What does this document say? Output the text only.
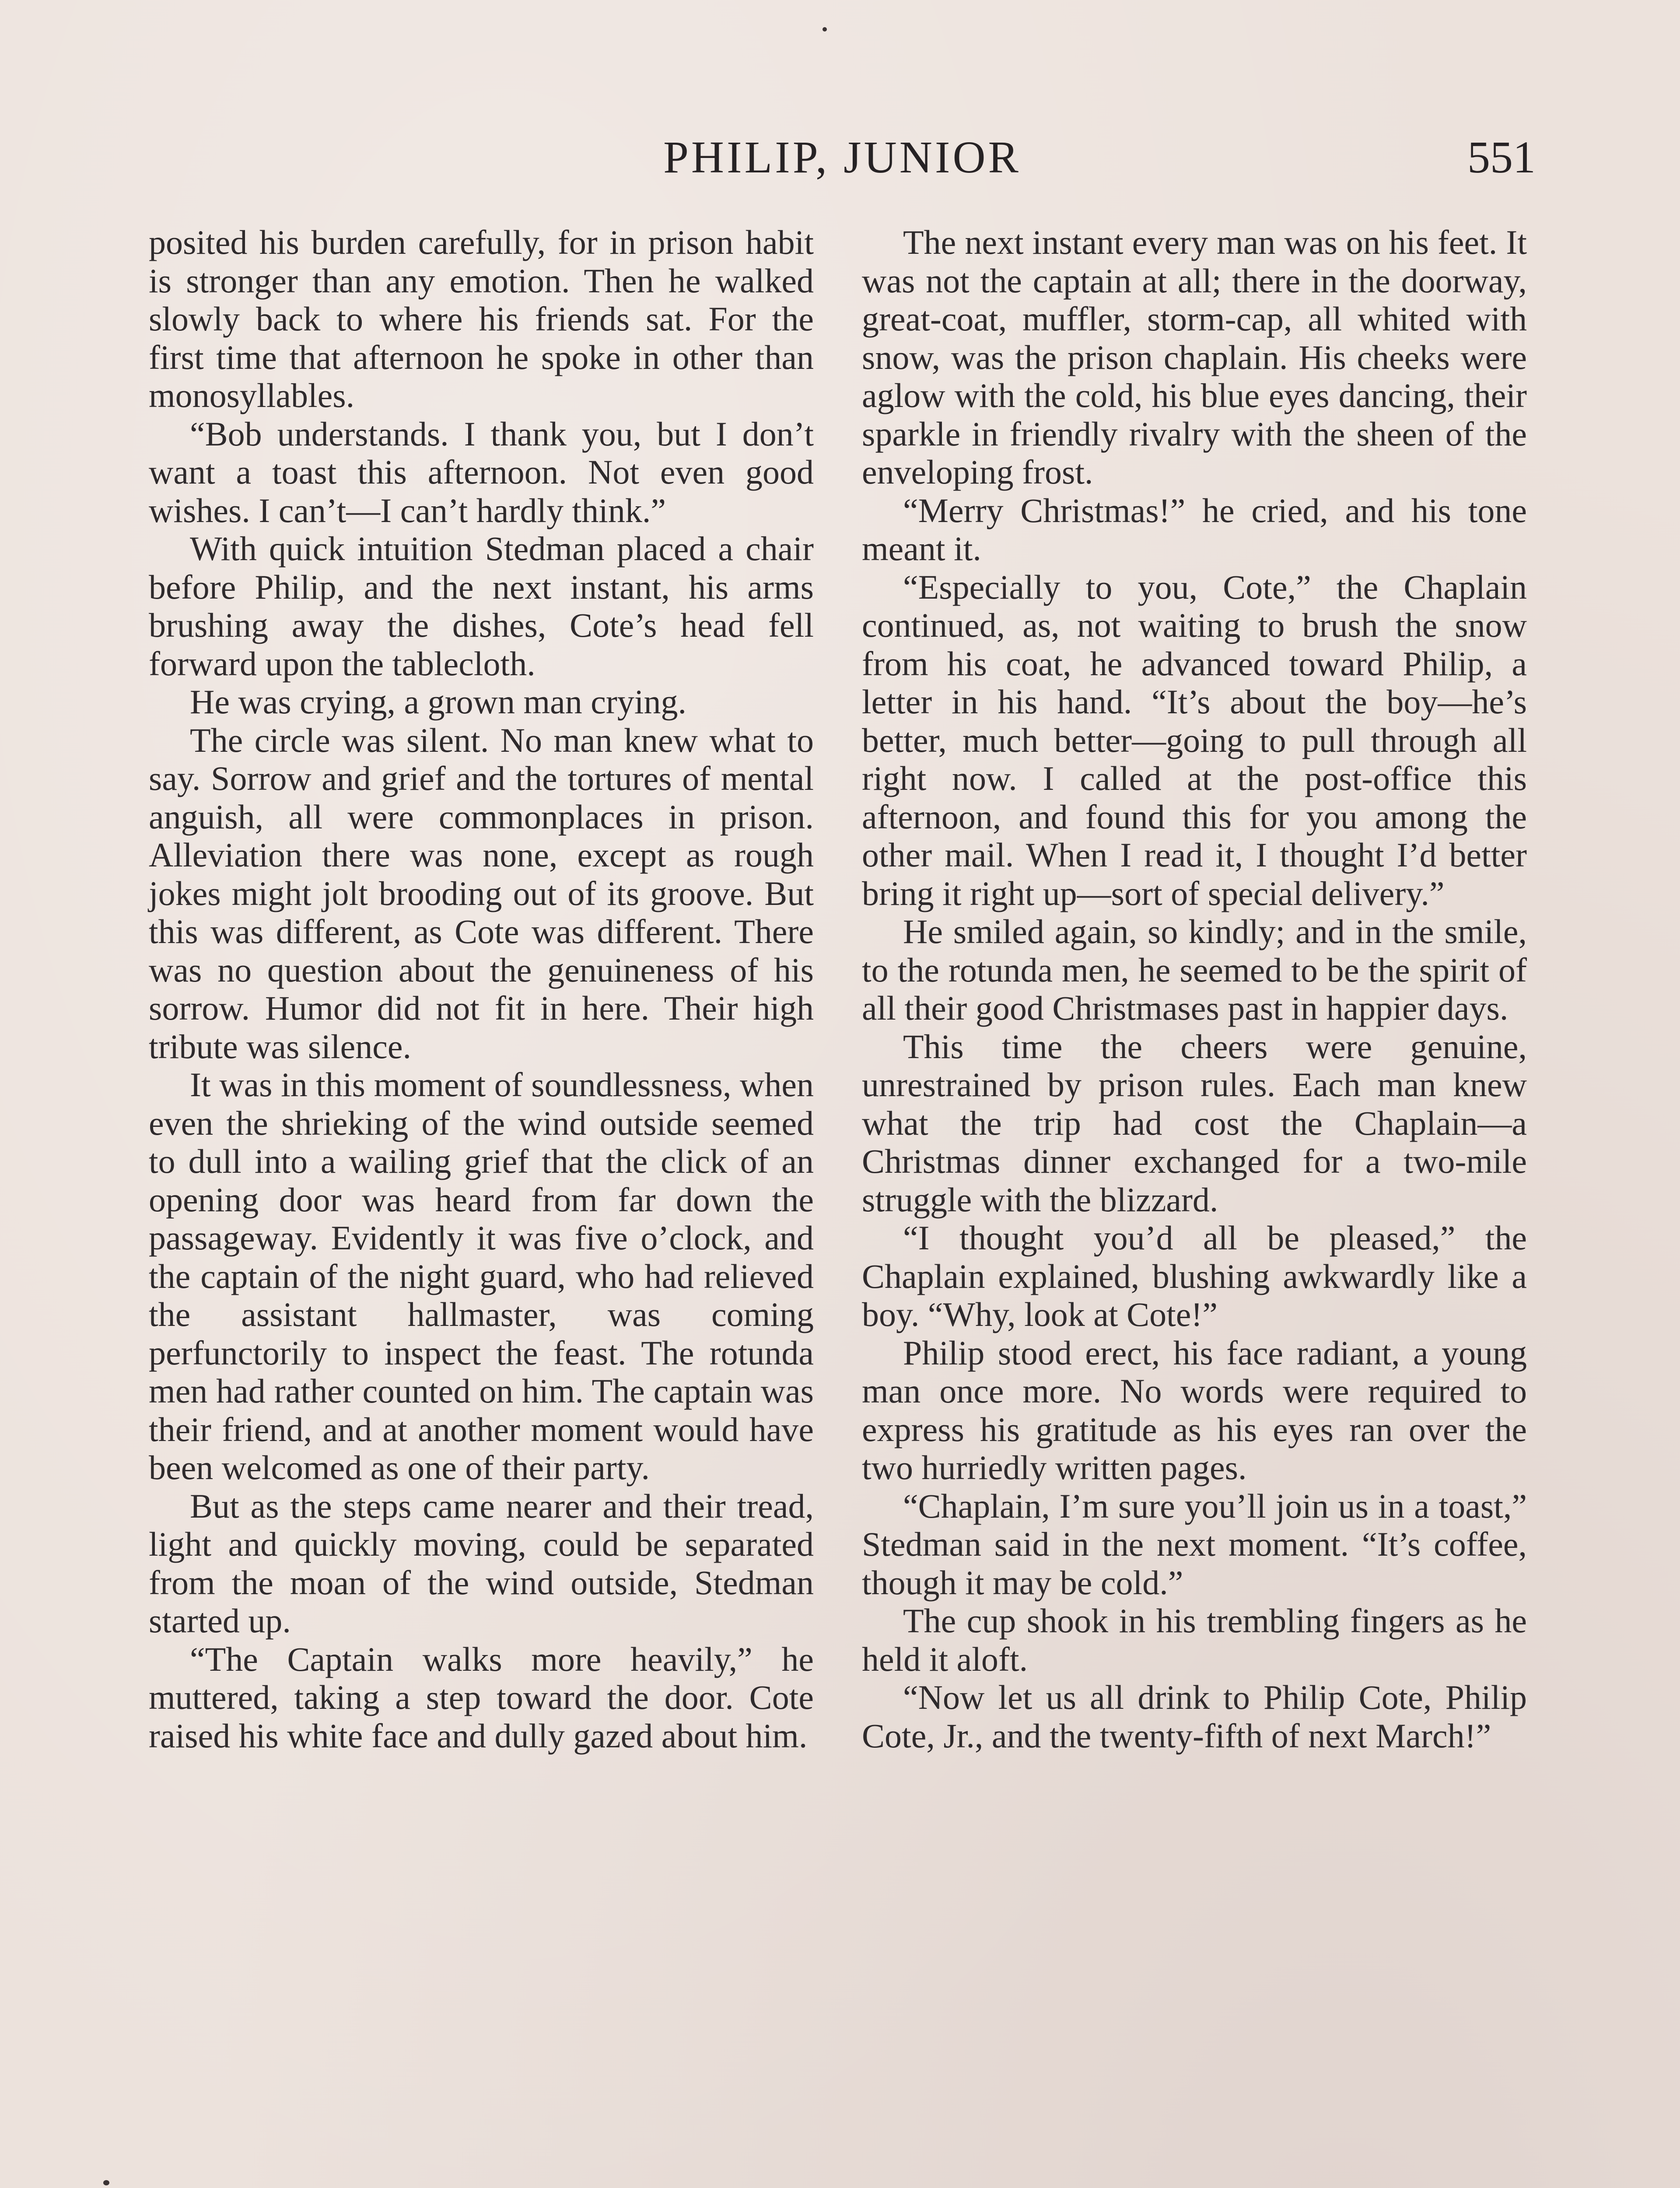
PHILIP, JUNIOR	551

posited his burden carefully, for in prison habit is stronger than any emotion. Then he walked slowly back to where his friends sat. For the first time that afternoon he spoke in other than monosyllables.

“Bob understands. I thank you, but I don’t want a toast this afternoon. Not even good wishes. I can’t—I can’t hardly think.”

With quick intuition Stedman placed a chair before Philip, and the next instant, his arms brushing away the dishes, Cote’s head fell forward upon the tablecloth.

He was crying, a grown man crying.

The circle was silent. No man knew what to say. Sorrow and grief and the tortures of mental anguish, all were commonplaces in prison. Alleviation there was none, except as rough jokes might jolt brooding out of its groove. But this was different, as Cote was different. There was no question about the genuineness of his sorrow. Humor did not fit in here. Their high tribute was silence.

It was in this moment of soundlessness, when even the shrieking of the wind outside seemed to dull into a wailing grief that the click of an opening door was heard from far down the passageway. Evidently it was five o’clock, and the captain of the night guard, who had relieved the assistant hallmaster, was coming perfunctorily to inspect the feast. The rotunda men had rather counted on him. The captain was their friend, and at another moment would have been welcomed as one of their party.

But as the steps came nearer and their tread, light and quickly moving, could be separated from the moan of the wind outside, Stedman started up.

“The Captain walks more heavily,” he muttered, taking a step toward the door. Cote raised his white face and dully gazed about him.

The next instant every man was on his feet. It was not the captain at all; there in the doorway, great-coat, muffler, storm-cap, all whited with snow, was the prison chaplain. His cheeks were aglow with the cold, his blue eyes dancing, their sparkle in friendly rivalry with the sheen of the enveloping frost.

“Merry Christmas!” he cried, and his tone meant it.

“Especially to you, Cote,” the Chaplain continued, as, not waiting to brush the snow from his coat, he advanced toward Philip, a letter in his hand. “It’s about the boy—he’s better, much better—going to pull through all right now. I called at the post-office this afternoon, and found this for you among the other mail. When I read it, I thought I’d better bring it right up—sort of special delivery.”

He smiled again, so kindly; and in the smile, to the rotunda men, he seemed to be the spirit of all their good Christmases past in happier days.

This time the cheers were genuine, unrestrained by prison rules. Each man knew what the trip had cost the Chaplain—a Christmas dinner exchanged for a two-mile struggle with the blizzard.

“I thought you’d all be pleased,” the Chaplain explained, blushing awkwardly like a boy. “Why, look at Cote!”

Philip stood erect, his face radiant, a young man once more. No words were required to express his gratitude as his eyes ran over the two hurriedly written pages.

“Chaplain, I’m sure you’ll join us in a toast,” Stedman said in the next moment. “It’s coffee, though it may be cold.”

The cup shook in his trembling fingers as he held it aloft.

“Now let us all drink to Philip Cote, Philip Cote, Jr., and the twenty-fifth of next March!”
